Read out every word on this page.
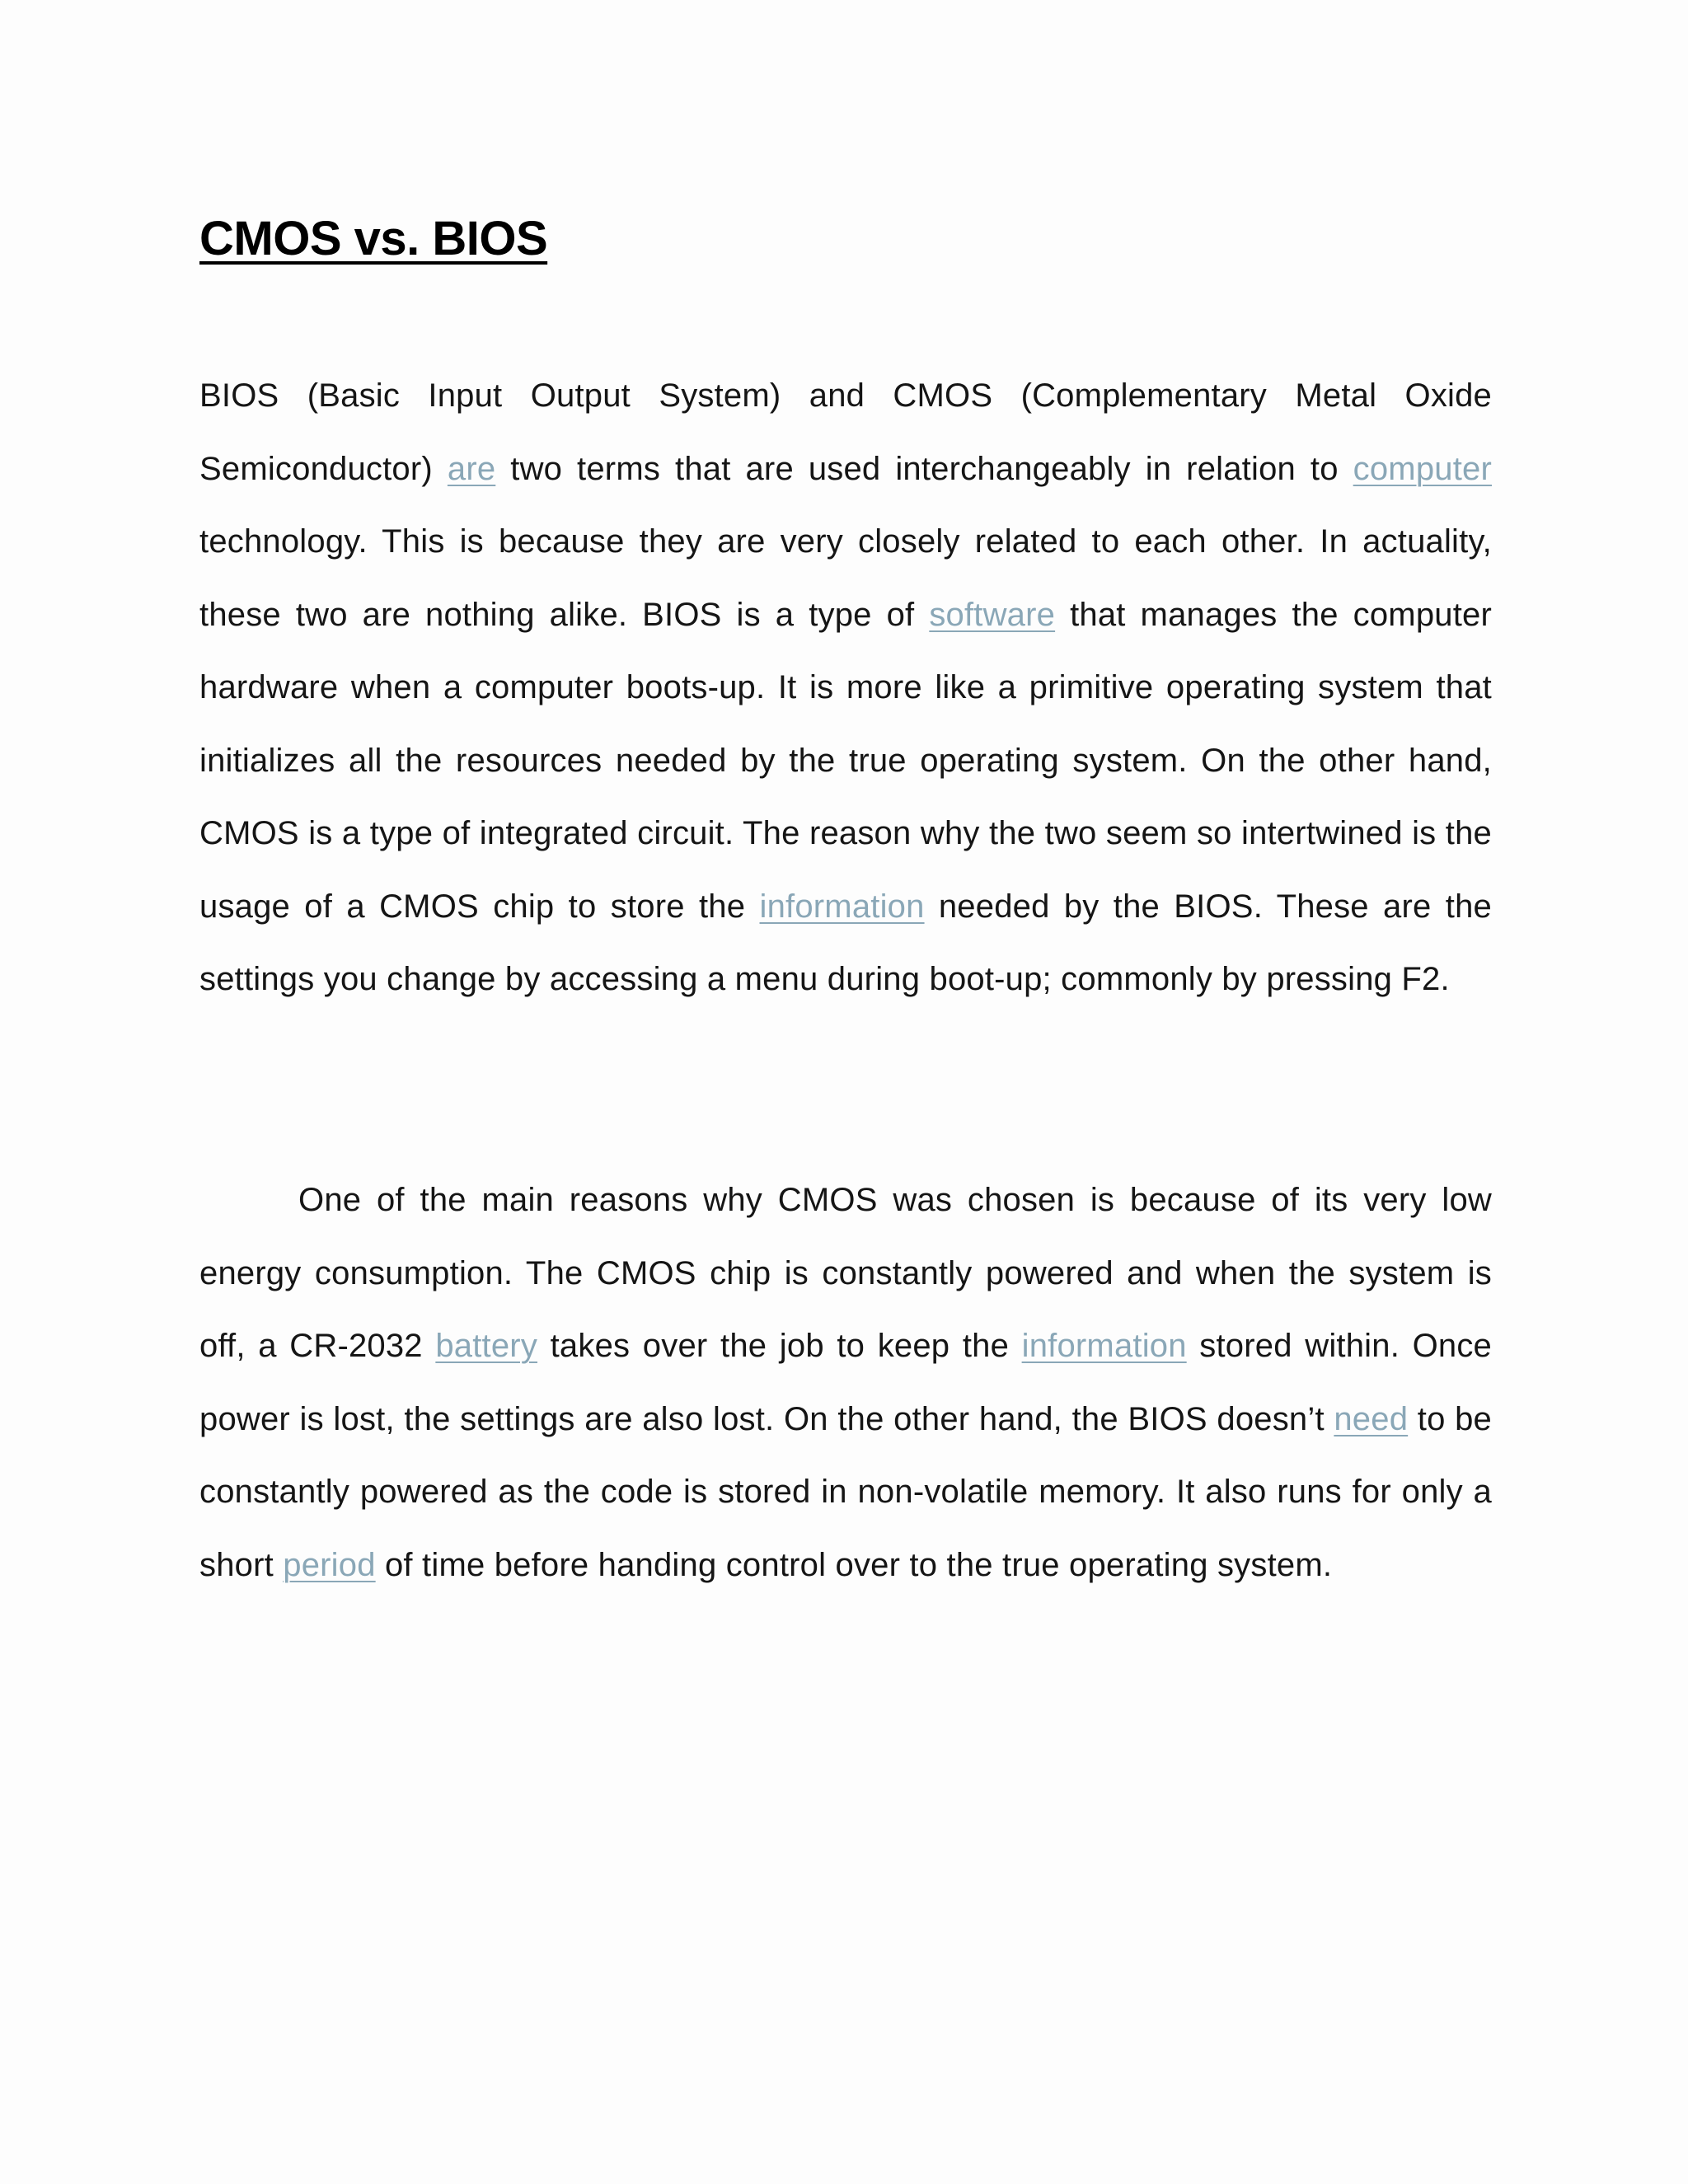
CMOS vs. BIOS

BIOS (Basic Input Output System) and CMOS (Complementary Metal Oxide Semiconductor) are two terms that are used interchangeably in relation to computer technology. This is because they are very closely related to each other. In actuality, these two are nothing alike. BIOS is a type of software that manages the computer hardware when a computer boots-up. It is more like a primitive operating system that initializes all the resources needed by the true operating system. On the other hand, CMOS is a type of integrated circuit. The reason why the two seem so intertwined is the usage of a CMOS chip to store the information needed by the BIOS. These are the settings you change by accessing a menu during boot-up; commonly by pressing F2.

One of the main reasons why CMOS was chosen is because of its very low energy consumption. The CMOS chip is constantly powered and when the system is off, a CR-2032 battery takes over the job to keep the information stored within. Once power is lost, the settings are also lost. On the other hand, the BIOS doesn’t need to be constantly powered as the code is stored in non-volatile memory. It also runs for only a short period of time before handing control over to the true operating system.
